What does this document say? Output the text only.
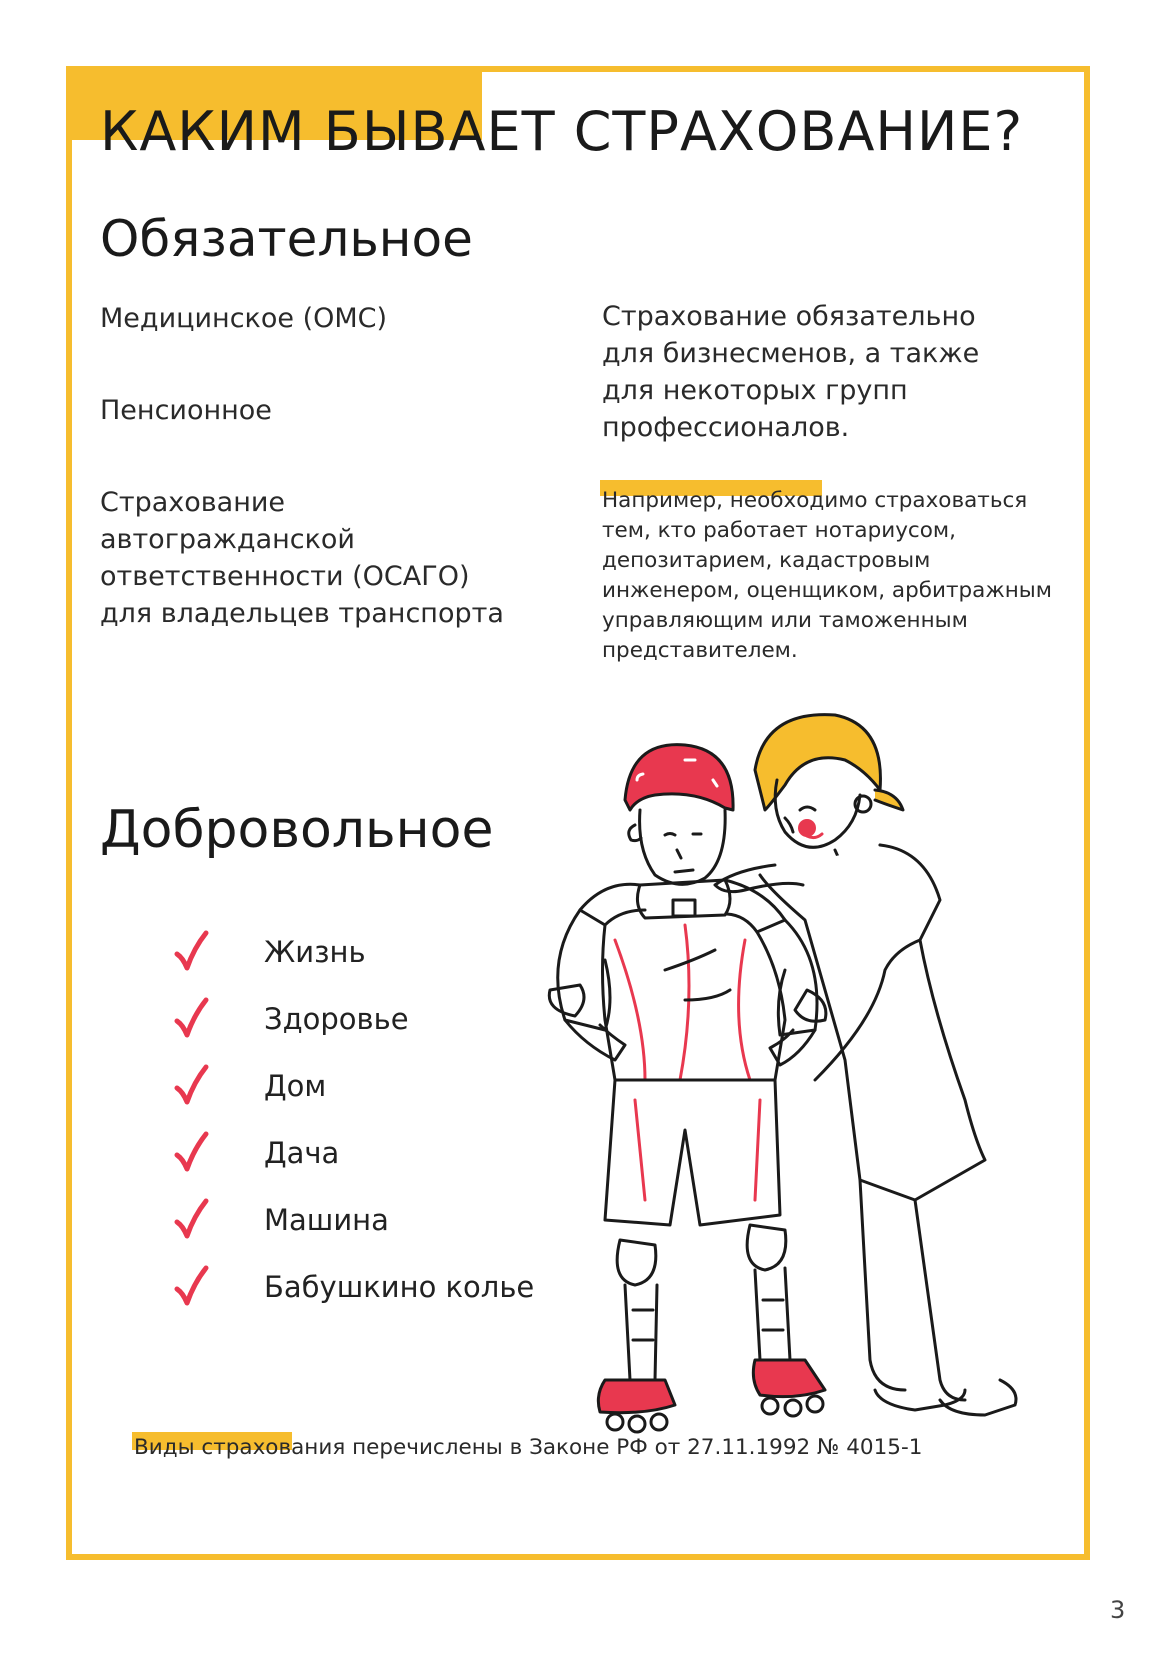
КАКИМ БЫВАЕТ СТРАХОВАНИЕ?
Обязательное

Медицинское (ОМС)

Пенсионное

Страхование автогражданской ответственности (ОСАГО) для владельцев транспорта

Страхование обязательно для бизнесменов, а также для некоторых групп профессионалов.

Например, необходимо страховаться тем, кто работает нотариусом, депозитарием, кадастровым инженером, оценщиком, арбитражным управляющим или таможенным представителем.

Добровольное
Жизнь
Здоровье
Дом
Дача
Машина
Бабушкино колье

Виды страхования перечислены в Законе РФ от 27.11.1992 № 4015-1

3
